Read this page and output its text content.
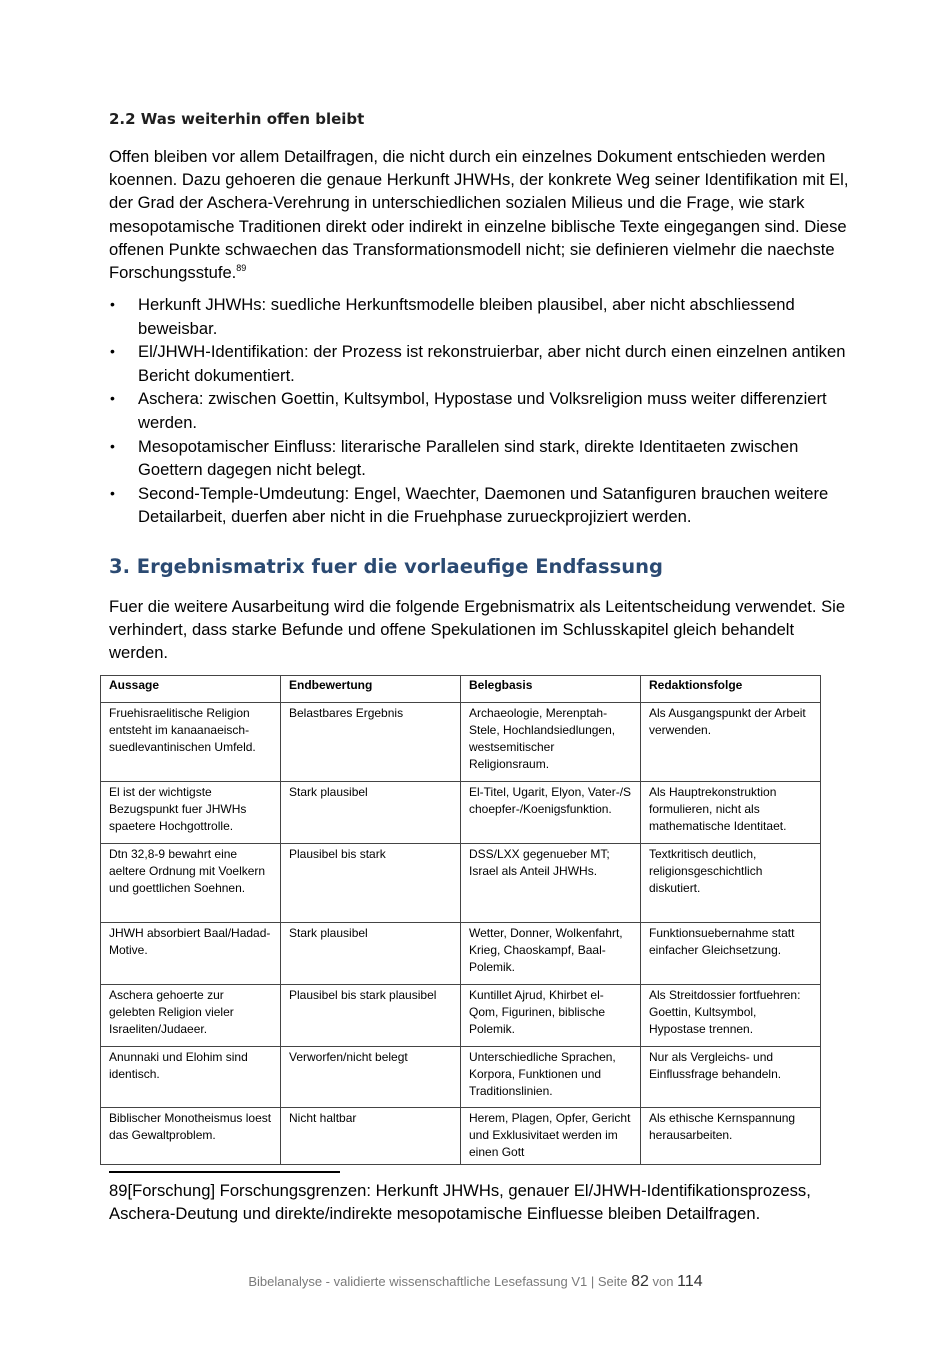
2.2 Was weiterhin offen bleibt
Offen bleiben vor allem Detailfragen, die nicht durch ein einzelnes Dokument entschieden werden koennen. Dazu gehoeren die genaue Herkunft JHWHs, der konkrete Weg seiner Identifikation mit El, der Grad der Aschera-Verehrung in unterschiedlichen sozialen Milieus und die Frage, wie stark mesopotamische Traditionen direkt oder indirekt in einzelne biblische Texte eingegangen sind. Diese offenen Punkte schwaechen das Transformationsmodell nicht; sie definieren vielmehr die naechste Forschungsstufe.$^{89}$
• Herkunft JHWHs: suedliche Herkunftsmodelle bleiben plausibel, aber nicht abschliessend beweisbar.
• El/JHWH-Identifikation: der Prozess ist rekonstruierbar, aber nicht durch einen einzelnen antiken Bericht dokumentiert.
• Aschera: zwischen Goettin, Kultsymbol, Hypostase und Volksreligion muss weiter differenziert werden.
• Mesopotamischer Einfluss: literarische Parallelen sind stark, direkte Identitaeten zwischen Goettern dagegen nicht belegt.
• Second-Temple-Umdeutung: Engel, Waechter, Daemonen und Satanfiguren brauchen weitere Detailarbeit, duerfen aber nicht in die Fruehphase zurueckprojiziert werden.
3. Ergebnismatrix fuer die vorlaeufige Endfassung
Fuer die weitere Ausarbeitung wird die folgende Ergebnismatrix als Leitentscheidung verwendet. Sie verhindert, dass starke Befunde und offene Spekulationen im Schlusskapitel gleich behandelt werden.
Aussage	Endbewertung	Belegbasis	Redaktionsfolge
Fruehisraelitische Religion entsteht im kanaanaeisch-suedlevantinischen Umfeld.	Belastbares Ergebnis	Archaeologie, Merenptah-Stele, Hochlandsiedlungen, westsemitischer Religionsraum.	Als Ausgangspunkt der Arbeit verwenden.
El ist der wichtigste Bezugspunkt fuer JHWHs spaetere Hochgottrolle.	Stark plausibel	El-Titel, Ugarit, Elyon, Vater-/Schoepfer-/Koenigsfunktion.	Als Hauptrekonstruktion formulieren, nicht als mathematische Identitaet.
Dtn 32,8-9 bewahrt eine aeltere Ordnung mit Voelkern und goettlichen Soehnen.	Plausibel bis stark	DSS/LXX gegenueber MT; Israel als Anteil JHWHs.	Textkritisch deutlich, religionsgeschichtlich diskutiert.
JHWH absorbiert Baal/Hadad-Motive.	Stark plausibel	Wetter, Donner, Wolkenfahrt, Krieg, Chaoskampf, Baal-Polemik.	Funktionsuebernahme statt einfacher Gleichsetzung.
Aschera gehoerte zur gelebten Religion vieler Israeliten/Judaeer.	Plausibel bis stark plausibel	Kuntillet Ajrud, Khirbet el-Qom, Figurinen, biblische Polemik.	Als Streitdossier fortfuehren: Goettin, Kultsymbol, Hypostase trennen.
Anunnaki und Elohim sind identisch.	Verworfen/nicht belegt	Unterschiedliche Sprachen, Korpora, Funktionen und Traditionslinien.	Nur als Vergleichs- und Einflussfrage behandeln.
Biblischer Monotheismus loest das Gewaltproblem.	Nicht haltbar	Herem, Plagen, Opfer, Gericht und Exklusivitaet werden im einen Gott	Als ethische Kernspannung herausarbeiten.
89[Forschung] Forschungsgrenzen: Herkunft JHWHs, genauer El/JHWH-Identifikationsprozess, Aschera-Deutung und direkte/indirekte mesopotamische Einfluesse bleiben Detailfragen.
Bibelanalyse - validierte wissenschaftliche Lesefassung V1 | Seite 82 von 114
